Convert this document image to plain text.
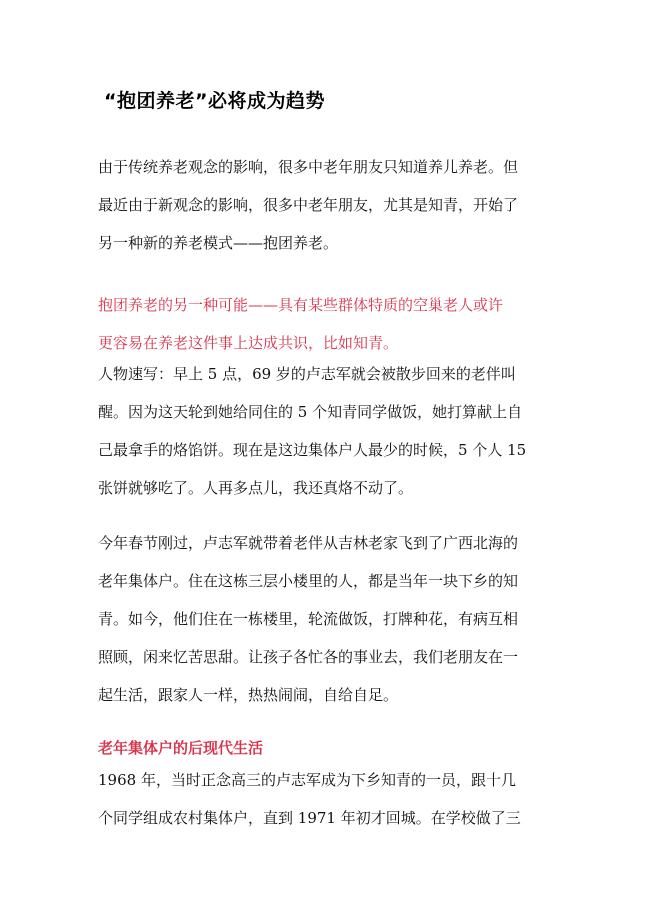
“抱团养老”必将成为趋势

由于传统养老观念的影响，很多中老年朋友只知道养儿养老。但
最近由于新观念的影响，很多中老年朋友，尤其是知青，开始了
另一种新的养老模式——抱团养老。

抱团养老的另一种可能——具有某些群体特质的空巢老人或许
更容易在养老这件事上达成共识，比如知青。

人物速写：早上 5 点，69 岁的卢志军就会被散步回来的老伴叫
醒。因为这天轮到她给同住的 5 个知青同学做饭，她打算献上自
己最拿手的烙馅饼。现在是这边集体户人最少的时候，5 个人 15
张饼就够吃了。人再多点儿，我还真烙不动了。

今年春节刚过，卢志军就带着老伴从吉林老家飞到了广西北海的
老年集体户。住在这栋三层小楼里的人，都是当年一块下乡的知
青。如今，他们住在一栋楼里，轮流做饭，打牌种花，有病互相
照顾，闲来忆苦思甜。让孩子各忙各的事业去，我们老朋友在一
起生活，跟家人一样，热热闹闹，自给自足。

老年集体户的后现代生活

1968 年，当时正念高三的卢志军成为下乡知青的一员，跟十几
个同学组成农村集体户，直到 1971 年初才回城。在学校做了三
